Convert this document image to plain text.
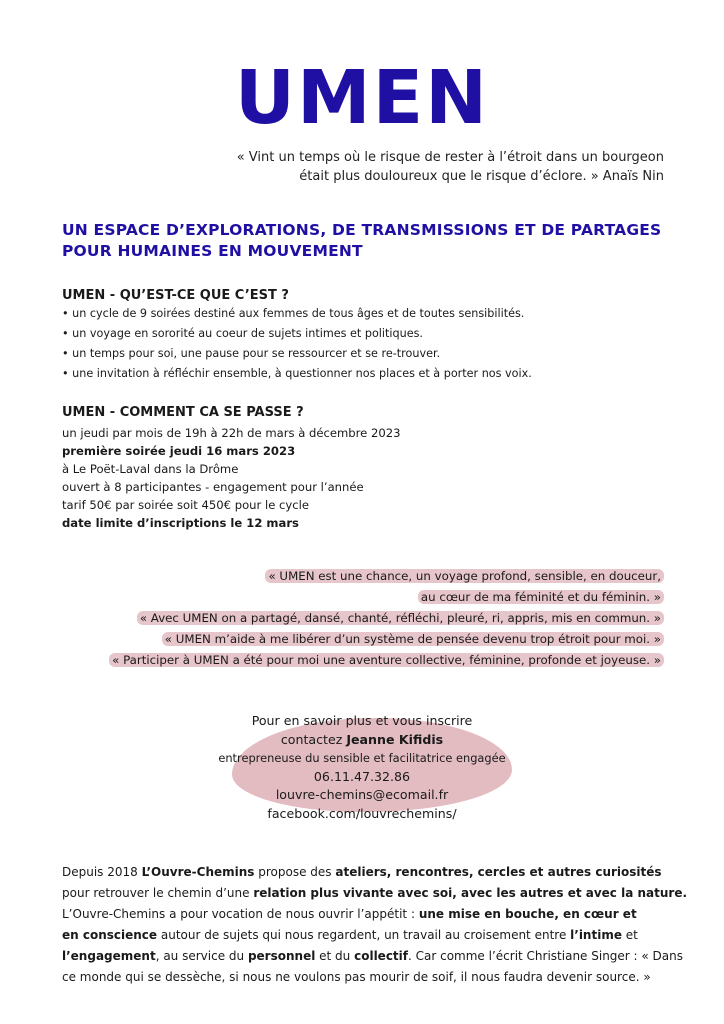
UMEN
« Vint un temps où le risque de rester à l’étroit dans un bourgeon
était plus douloureux que le risque d’éclore. » Anaïs Nin
UN ESPACE D’EXPLORATIONS, DE TRANSMISSIONS ET DE PARTAGES
POUR HUMAINES EN MOUVEMENT
UMEN - QU’EST-CE QUE C’EST ?
• un cycle de 9 soirées destiné aux femmes de tous âges et de toutes sensibilités.
• un voyage en sororité au coeur de sujets intimes et politiques.
• un temps pour soi, une pause pour se ressourcer et se re-trouver.
• une invitation à réfléchir ensemble, à questionner nos places et à porter nos voix.
UMEN - COMMENT CA SE PASSE ?
un jeudi par mois de 19h à 22h de mars à décembre 2023
première soirée jeudi 16 mars 2023
à Le Poët-Laval dans la Drôme
ouvert à 8 participantes - engagement pour l’année
tarif 50€ par soirée soit 450€ pour le cycle
date limite d’inscriptions le 12 mars
« UMEN est une chance, un voyage profond, sensible, en douceur,
au cœur de ma féminité et du féminin. »
« Avec UMEN on a partagé, dansé, chanté, réfléchi, pleuré, ri, appris, mis en commun. »
« UMEN m’aide à me libérer d’un système de pensée devenu trop étroit pour moi. »
« Participer à UMEN a été pour moi une aventure collective, féminine, profonde et joyeuse. »
Pour en savoir plus et vous inscrire
contactez Jeanne Kifidis
entrepreneuse du sensible et facilitatrice engagée
06.11.47.32.86
louvre-chemins@ecomail.fr
facebook.com/louvrechemins/
Depuis 2018 L’Ouvre-Chemins propose des ateliers, rencontres, cercles et autres curiosités
pour retrouver le chemin d’une relation plus vivante avec soi, avec les autres et avec la nature.
L’Ouvre-Chemins a pour vocation de nous ouvrir l’appétit : une mise en bouche, en cœur et
en conscience autour de sujets qui nous regardent, un travail au croisement entre l’intime et
l’engagement, au service du personnel et du collectif. Car comme l’écrit Christiane Singer : « Dans
ce monde qui se dessèche, si nous ne voulons pas mourir de soif, il nous faudra devenir source. »
